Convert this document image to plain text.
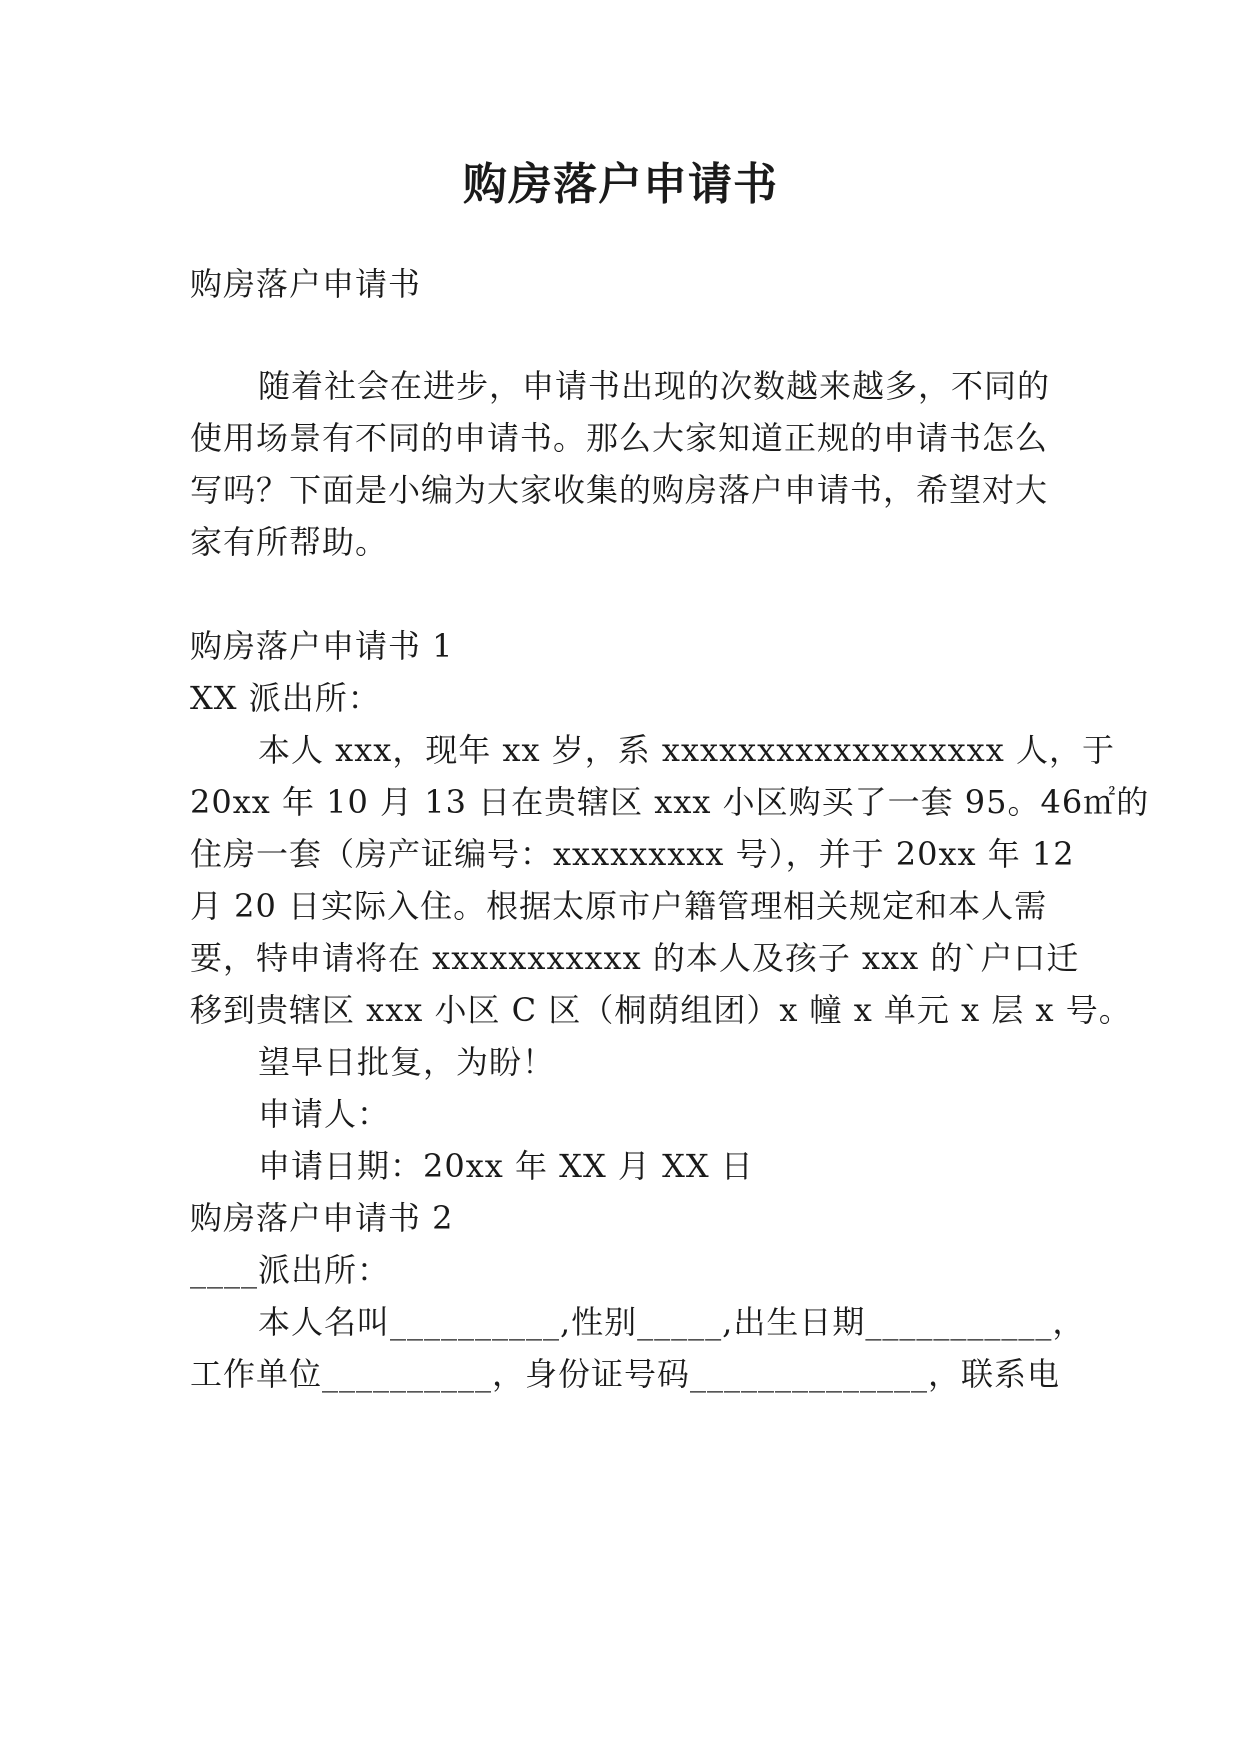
购房落户申请书
购房落户申请书
随着社会在进步，申请书出现的次数越来越多，不同的
使用场景有不同的申请书。那么大家知道正规的申请书怎么
写吗？下面是小编为大家收集的购房落户申请书，希望对大
家有所帮助。
购房落户申请书 1
XX 派出所：
本人 xxx，现年 xx 岁，系 xxxxxxxxxxxxxxxxxx 人，于
20xx 年 10 月 13 日在贵辖区 xxx 小区购买了一套 95。46㎡的
住房一套（房产证编号：xxxxxxxxx 号），并于 20xx 年 12
月 20 日实际入住。根据太原市户籍管理相关规定和本人需
要，特申请将在 xxxxxxxxxxx 的本人及孩子 xxx 的`户口迁
移到贵辖区 xxx 小区 C 区（桐荫组团）x 幢 x 单元 x 层 x 号。
望早日批复，为盼！
申请人：
申请日期：20xx 年 XX 月 XX 日
购房落户申请书 2
____派出所：
本人名叫__________,性别_____,出生日期___________，
工作单位__________，身份证号码______________，联系电
